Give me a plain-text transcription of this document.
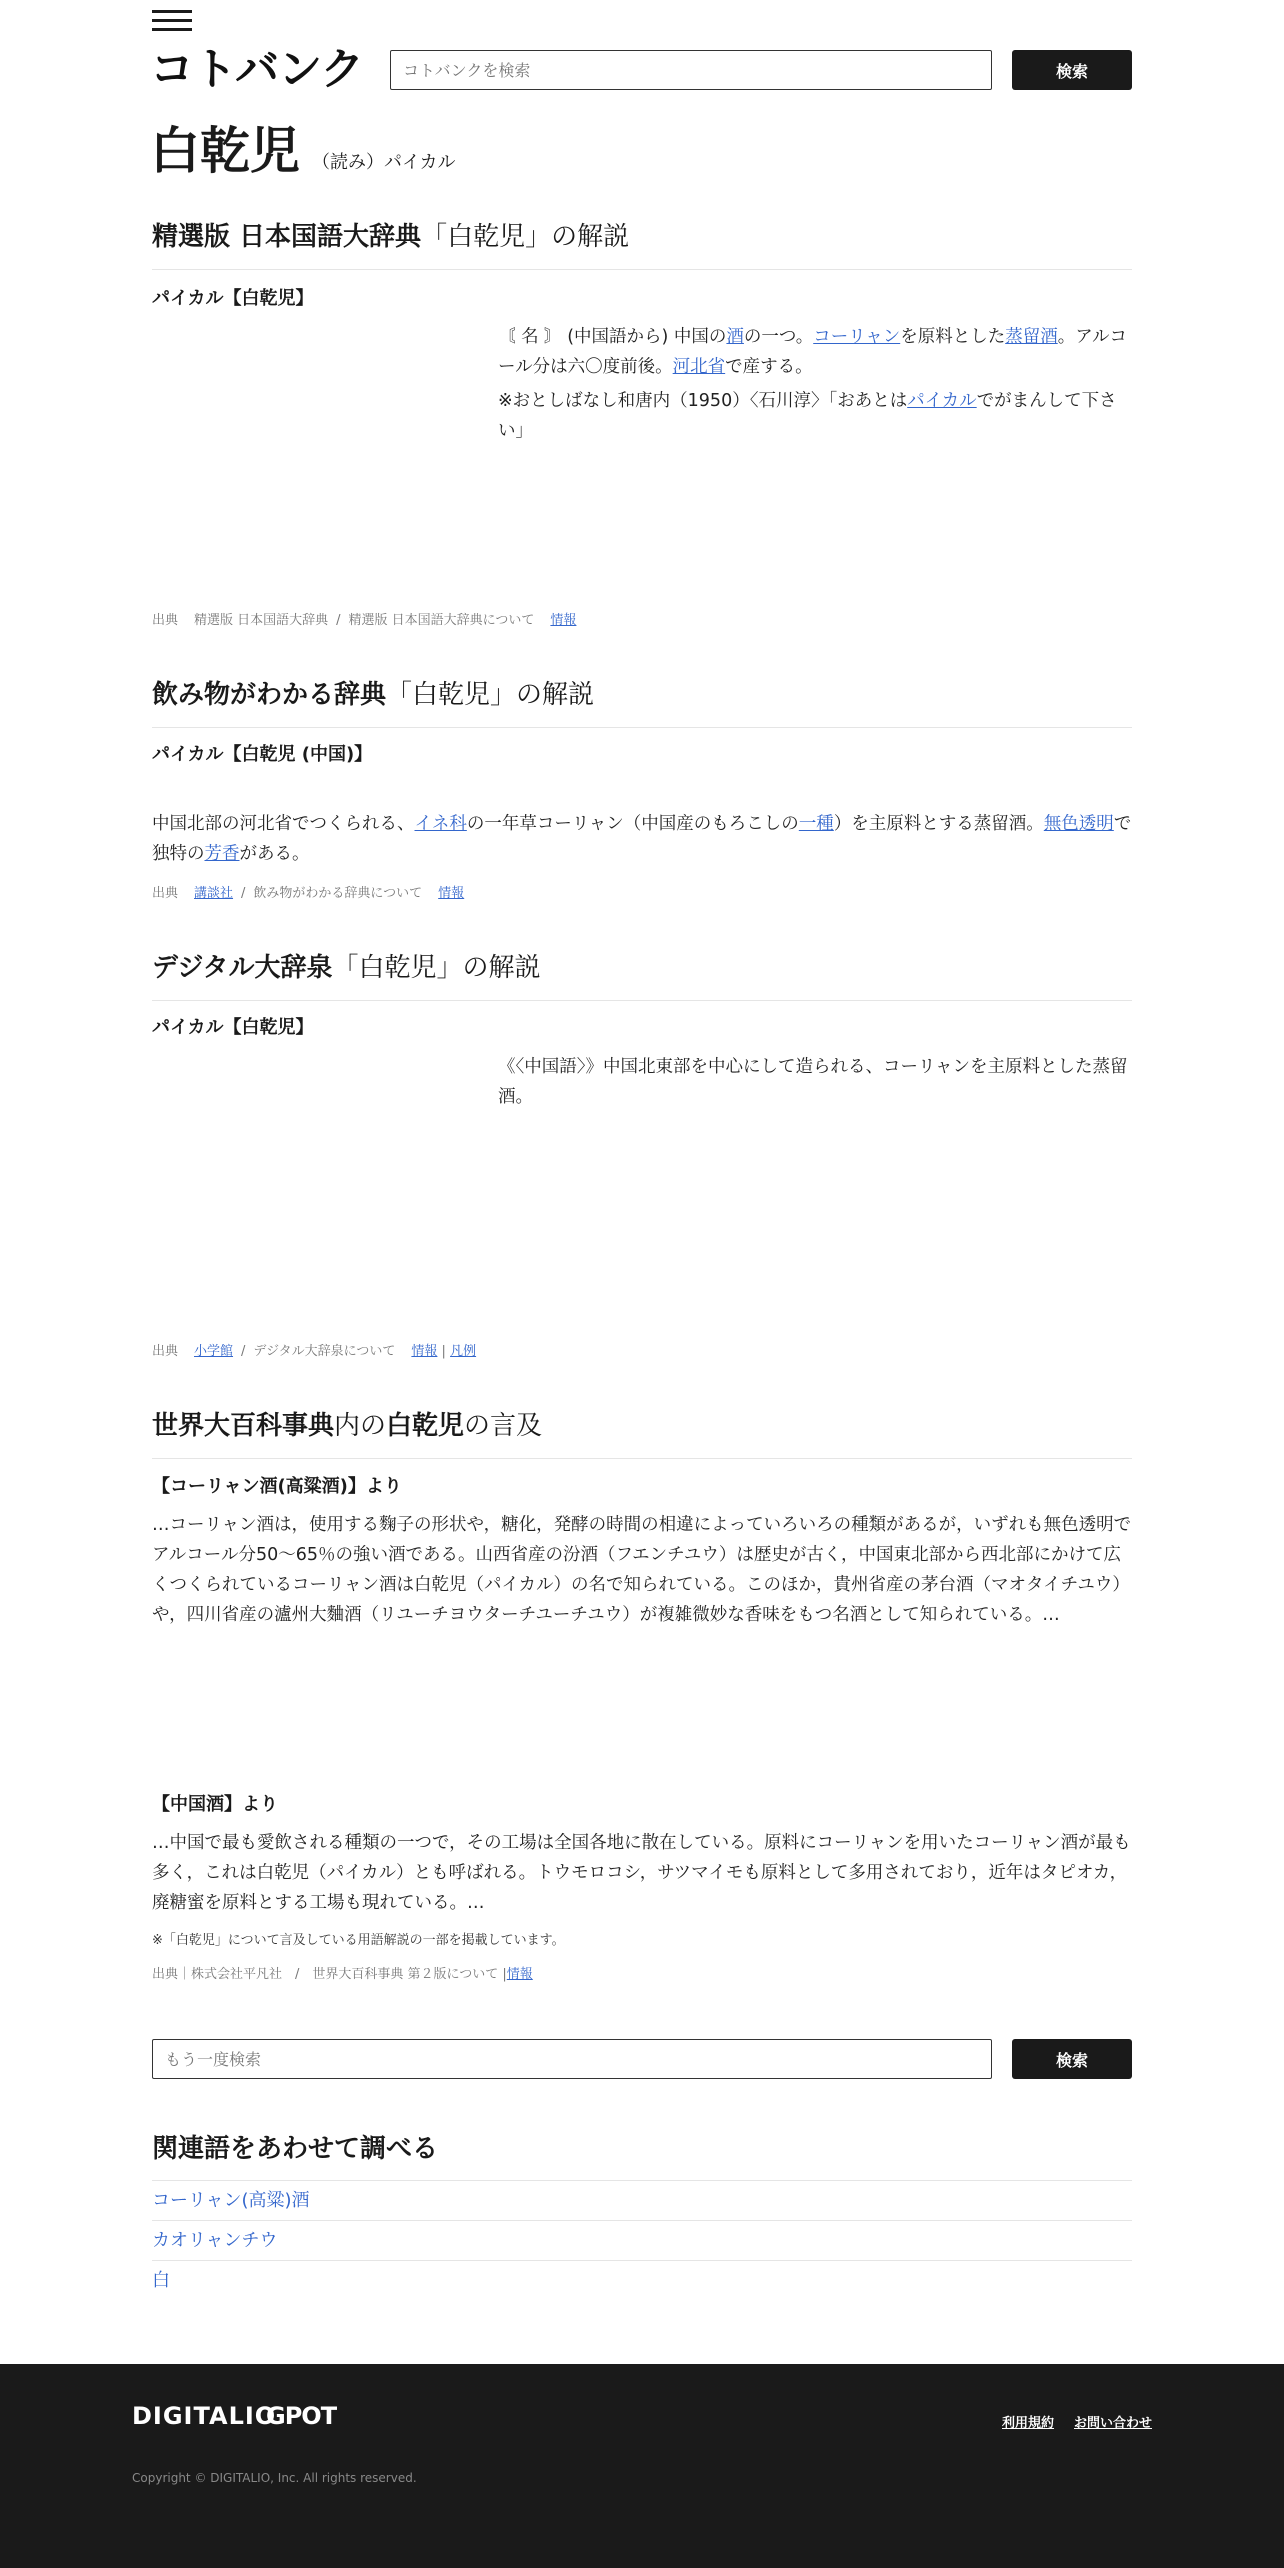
コトバンク
コトバンクを検索	検索
白乾児 （読み）パイカル
精選版 日本国語大辞典「白乾児」の解説
パイカル【白乾児】

〘 名 〙 (中国語から) 中国の酒の一つ。コーリャンを原料とした蒸留酒。アルコール分は六〇度前後。河北省で産する。

※おとしばなし和唐内（1950）〈石川淳〉「おあとはパイカルでがまんして下さい」

出典 精選版 日本国語大辞典 / 精選版 日本国語大辞典について 情報
飲み物がわかる辞典「白乾児」の解説
パイカル【白乾児 (中国)】

中国北部の河北省でつくられる、イネ科の一年草コーリャン（中国産のもろこしの一種）を主原料とする蒸留酒。無色透明で独特の芳香がある。

出典 講談社 / 飲み物がわかる辞典について 情報
デジタル大辞泉「白乾児」の解説
パイカル【白乾児】

《〈中国語〉》中国北東部を中心にして造られる、コーリャンを主原料とした蒸留酒。

出典 小学館 / デジタル大辞泉について 情報 | 凡例
世界大百科事典内の白乾児の言及
【コーリャン酒(高粱酒)】より

…コーリャン酒は，使用する麴子の形状や，糖化，発酵の時間の相違によっていろいろの種類があるが，いずれも無色透明でアルコール分50～65％の強い酒である。山西省産の汾酒（フエンチユウ）は歴史が古く，中国東北部から西北部にかけて広くつくられているコーリャン酒は白乾児（パイカル）の名で知られている。このほか，貴州省産の茅台酒（マオタイチユウ）や，四川省産の瀘州大麯酒（リユーチヨウターチユーチユウ）が複雑微妙な香味をもつ名酒として知られている。…

【中国酒】より

…中国で最も愛飲される種類の一つで，その工場は全国各地に散在している。原料にコーリャンを用いたコーリャン酒が最も多く，これは白乾児（パイカル）とも呼ばれる。トウモロコシ，サツマイモも原料として多用されており，近年はタピオカ，廃糖蜜を原料とする工場も現れている。…

※「白乾児」について言及している用語解説の一部を掲載しています。
出典｜株式会社平凡社　/　世界大百科事典 第２版について |情報
もう一度検索
検索
関連語をあわせて調べる
コーリャン(高粱)酒
カオリャンチウ
白
DIGITALIO
GPOT	利用規約 お問い合わせ
Copyright © DIGITALIO, Inc. All rights reserved.
